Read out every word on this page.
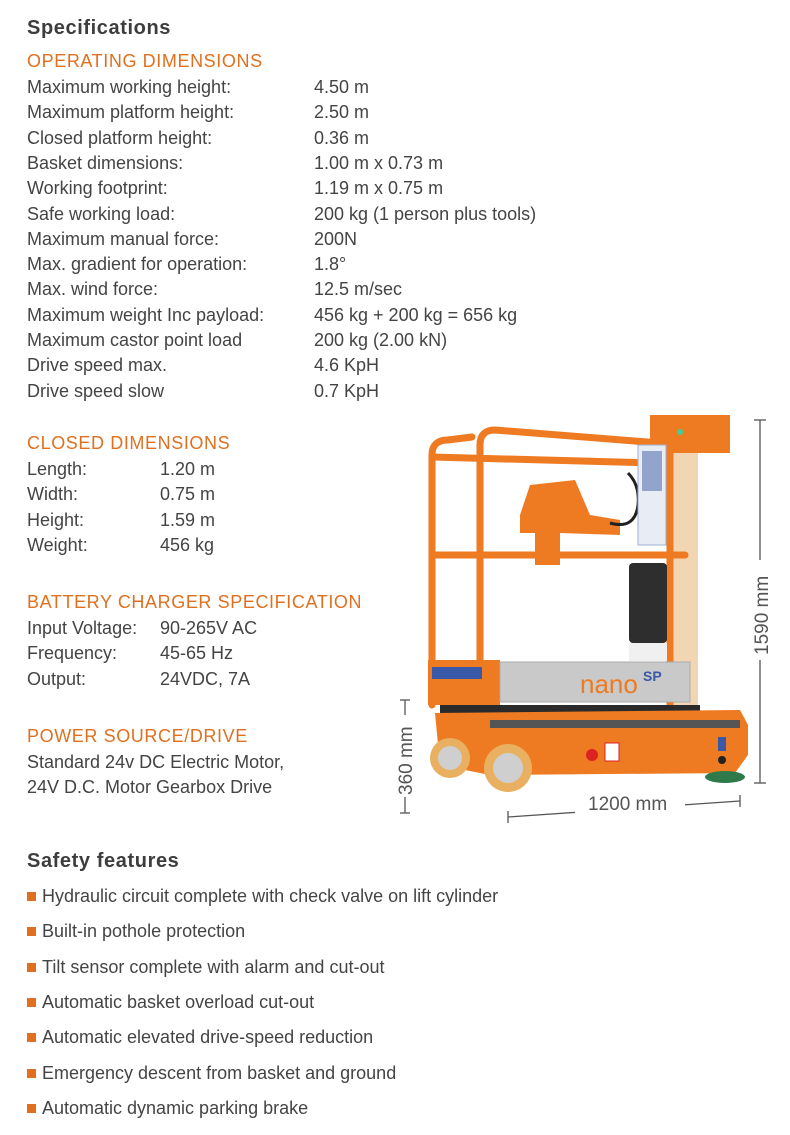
Specifications
OPERATING DIMENSIONS
Maximum working height:	4.50 m
Maximum platform height:	2.50 m
Closed platform height:	0.36 m
Basket dimensions:	1.00 m x 0.73 m
Working footprint:	1.19 m x 0.75 m
Safe working load:	200 kg (1 person plus tools)
Maximum manual force:	200N
Max. gradient for operation:	1.8°
Max. wind force:	12.5 m/sec
Maximum weight Inc payload:	456 kg + 200 kg = 656 kg
Maximum castor point load	200 kg (2.00 kN)
Drive speed max.	4.6 KpH
Drive speed slow	0.7 KpH
CLOSED DIMENSIONS
Length:	1.20 m
Width:	0.75 m
Height:	1.59 m
Weight:	456 kg
BATTERY CHARGER SPECIFICATION
Input Voltage: 90-265V AC
Frequency: 45-65 Hz
Output:	24VDC, 7A
POWER SOURCE/DRIVE
Standard 24v DC Electric Motor,
24V D.C. Motor Gearbox Drive
nano SP
1590 mm
1200 mm
360 mm
Safety features
Hydraulic circuit complete with check valve on lift cylinder
Built-in pothole protection
Tilt sensor complete with alarm and cut-out
Automatic basket overload cut-out
Automatic elevated drive-speed reduction
Emergency descent from basket and ground
Automatic dynamic parking brake
